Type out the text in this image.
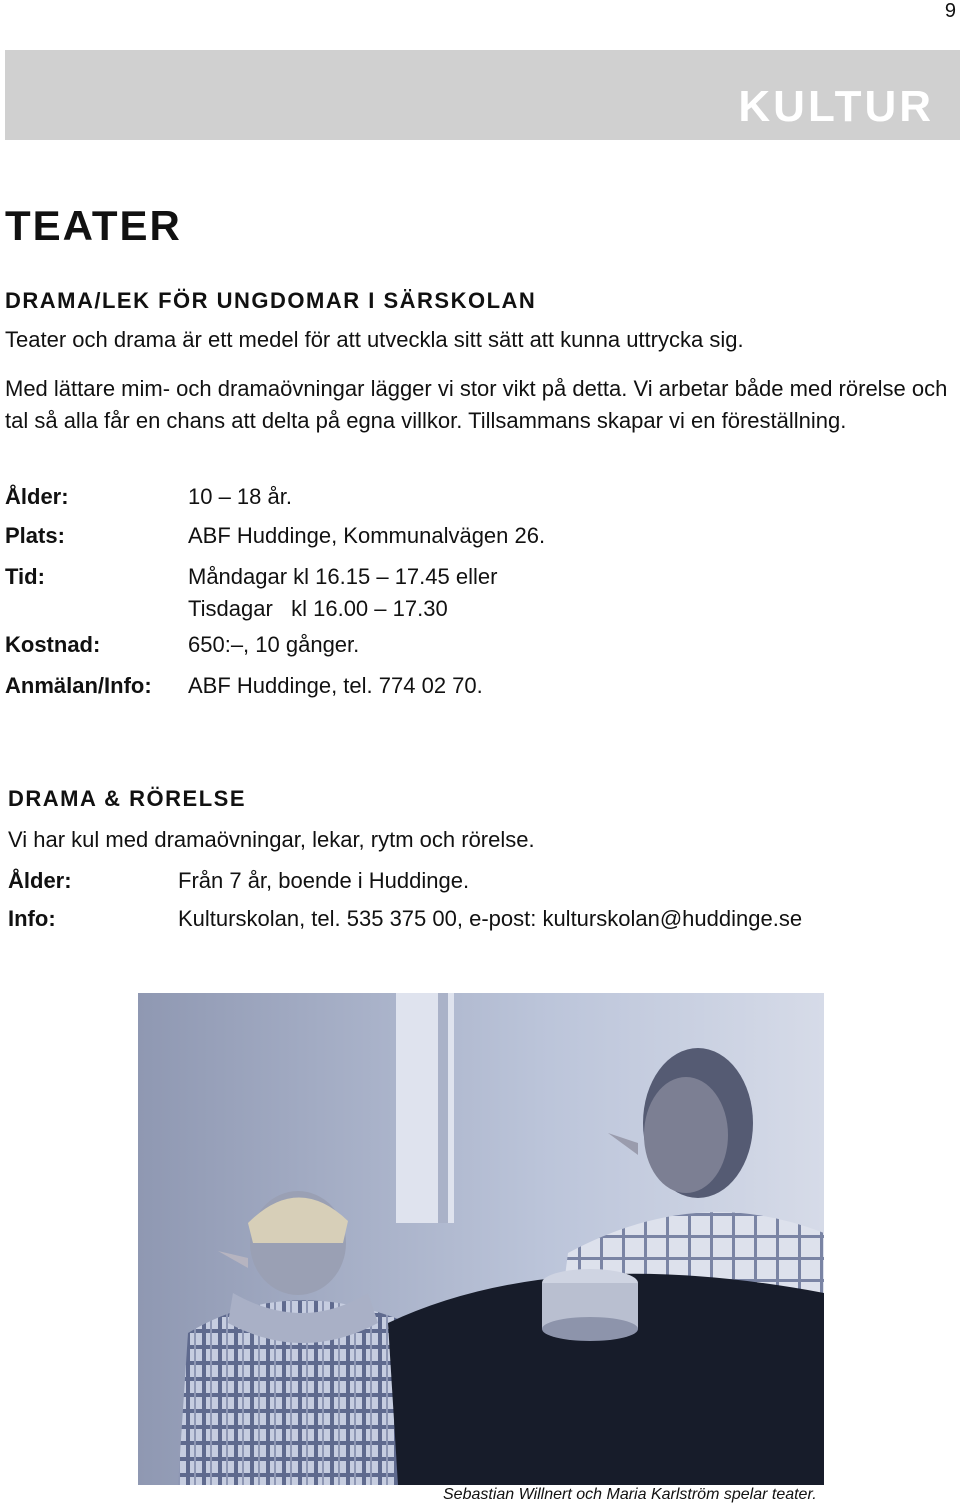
9
KULTUR
TEATER
DRAMA/LEK FÖR UNGDOMAR I SÄRSKOLAN
Teater och drama är ett medel för att utveckla sitt sätt att kunna uttrycka sig.
Med lättare mim- och dramaövningar lägger vi stor vikt på detta. Vi arbetar både med rörelse och tal så alla får en chans att delta på egna villkor. Tillsammans skapar vi en föreställning.
Ålder:	10 – 18 år.
Plats:	ABF Huddinge, Kommunalvägen 26.
Tid:	Måndagar kl 16.15 – 17.45 eller
Tisdagar   kl 16.00 – 17.30
Kostnad:	650:–, 10 gånger.
Anmälan/Info: ABF Huddinge, tel. 774 02 70.
DRAMA & RÖRELSE
Vi har kul med dramaövningar, lekar, rytm och rörelse.
Ålder:	Från 7 år, boende i Huddinge.
Info:	Kulturskolan, tel. 535 375 00, e-post: kulturskolan@huddinge.se
Sebastian Willnert och Maria Karlström spelar teater.
